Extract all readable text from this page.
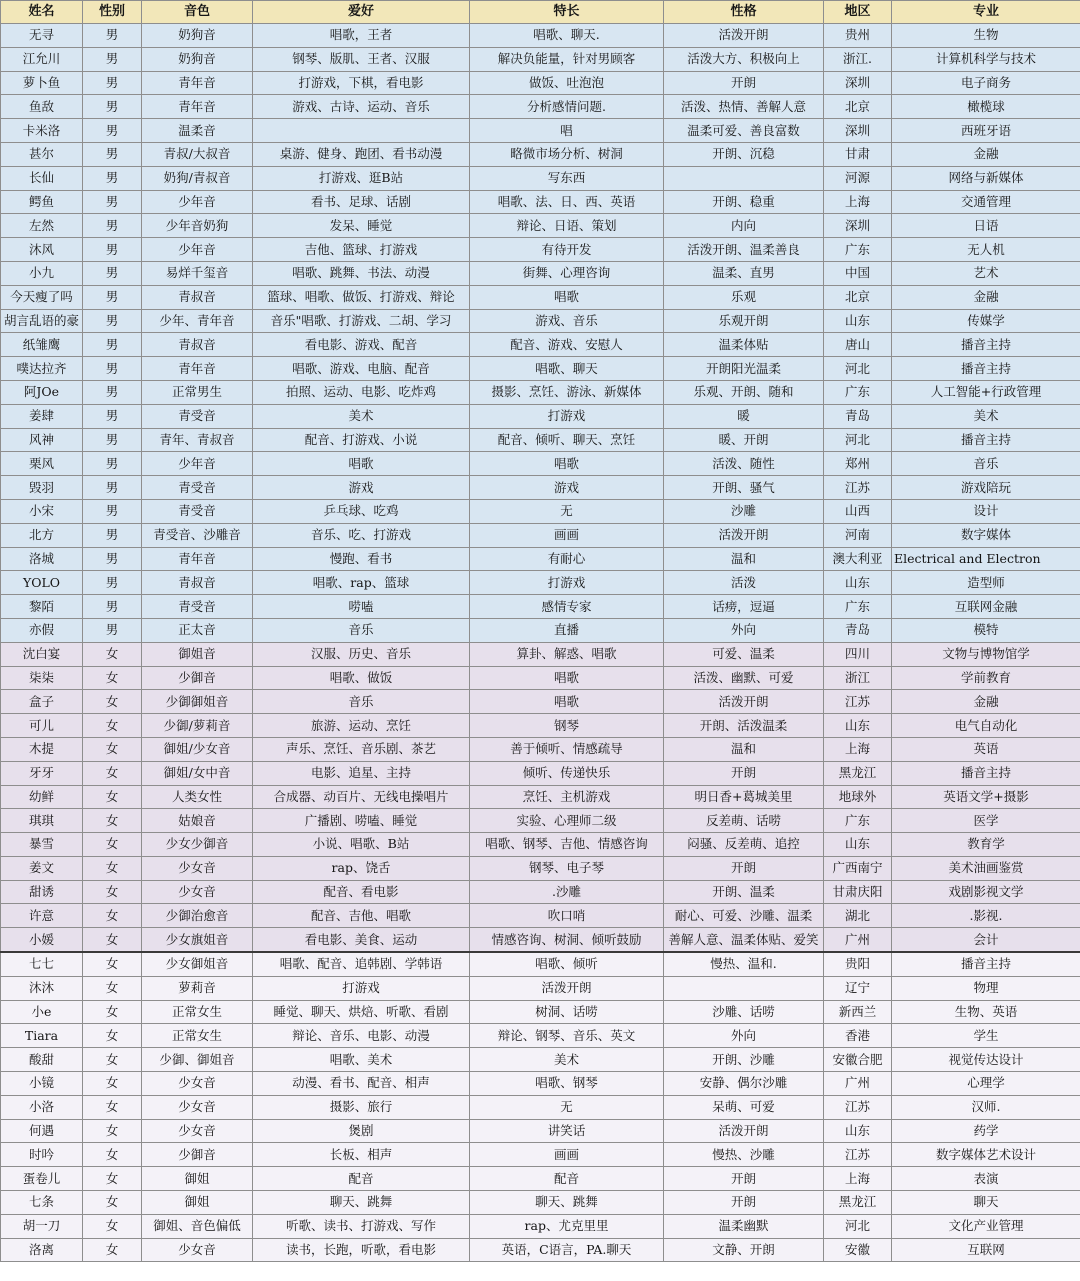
姓名	性别	音色	爱好	特长	性格	地区	专业
无寻	男	奶狗音	唱歌，王者	唱歌、聊天.	活泼开朗	贵州	生物
江允川	男	奶狗音	钢琴、版肌、王者、汉服	解决负能量，针对男顾客	活泼大方、积极向上	浙江.	计算机科学与技术
萝卜鱼	男	青年音	打游戏，下棋，看电影	做饭、吐泡泡	开朗	深圳	电子商务
鱼敌	男	青年音	游戏、古诗、运动、音乐	分析感情问题.	活泼、热情、善解人意	北京	橄榄球
卡米洛	男	温柔音		唱	温柔可爱、善良富数	深圳	西班牙语
甚尔	男	青叔/大叔音	桌游、健身、跑团、看书动漫	略微市场分析、树洞	开朗、沉稳	甘肃	金融
长仙	男	奶狗/青叔音	打游戏、逛B站	写东西		河源	网络与新媒体
鳄鱼	男	少年音	看书、足球、话剧	唱歌、法、日、西、英语	开朗、稳重	上海	交通管理
左然	男	少年音奶狗	发呆、睡觉	辩论、日语、策划	内向	深圳	日语
沐风	男	少年音	吉他、篮球、打游戏	有待开发	活泼开朗、温柔善良	广东	无人机
小九	男	易烊千玺音	唱歌、跳舞、书法、动漫	街舞、心理咨询	温柔、直男	中国	艺术
今天瘦了吗	男	青叔音	篮球、唱歌、做饭、打游戏、辩论	唱歌	乐观	北京	金融
胡言乱语的豪	男	少年、青年音	音乐"唱歌、打游戏、二胡、学习	游戏、音乐	乐观开朗	山东	传媒学
纸雏鹰	男	青叔音	看电影、游戏、配音	配音、游戏、安慰人	温柔体贴	唐山	播音主持
噗达拉齐	男	青年音	唱歌、游戏、电脑、配音	唱歌、聊天	开朗阳光温柔	河北	播音主持
阿JOe	男	正常男生	拍照、运动、电影、吃炸鸡	摄影、烹饪、游泳、新媒体	乐观、开朗、随和	广东	人工智能+行政管理
姜肆	男	青受音	美术	打游戏	暖	青岛	美术
风神	男	青年、青叔音	配音、打游戏、小说	配音、倾听、聊天、烹饪	暖、开朗	河北	播音主持
栗风	男	少年音	唱歌	唱歌	活泼、随性	郑州	音乐
毁羽	男	青受音	游戏	游戏	开朗、骚气	江苏	游戏陪玩
小宋	男	青受音	乒乓球、吃鸡	无	沙雕	山西	设计
北方	男	青受音、沙雕音	音乐、吃、打游戏	画画	活泼开朗	河南	数字媒体
洛城	男	青年音	慢跑、看书	有耐心	温和	澳大利亚	Electrical and Electron
YOLO	男	青叔音	唱歌、rap、篮球	打游戏	活泼	山东	造型师
黎陌	男	青受音	唠嗑	感情专家	话痨，逗逼	广东	互联网金融
亦假	男	正太音	音乐	直播	外向	青岛	模特
沈白宴	女	御姐音	汉服、历史、音乐	算卦、解惑、唱歌	可爱、温柔	四川	文物与博物馆学
柒柒	女	少御音	唱歌、做饭	唱歌	活泼、幽默、可爱	浙江	学前教育
盒子	女	少御御姐音	音乐	唱歌	活泼开朗	江苏	金融
可儿	女	少御/萝莉音	旅游、运动、烹饪	钢琴	开朗、活泼温柔	山东	电气自动化
木提	女	御姐/少女音	声乐、烹饪、音乐剧、茶艺	善于倾听、情感疏导	温和	上海	英语
牙牙	女	御姐/女中音	电影、追星、主持	倾听、传递快乐	开朗	黑龙江	播音主持
幼鲜	女	人类女性	合成器、动百片、无线电操唱片	烹饪、主机游戏	明日香+葛城美里	地球外	英语文学+摄影
琪琪	女	姑娘音	广播剧、唠嗑、睡觉	实验、心理师二级	反差萌、话唠	广东	医学
暴雪	女	少女少御音	小说、唱歌、B站	唱歌、钢琴、吉他、情感咨询	闷骚、反差萌、追控	山东	教育学
姜文	女	少女音	rap、饶舌	钢琴、电子琴	开朗	广西南宁	美术油画鉴赏
甜诱	女	少女音	配音、看电影	.沙雕	开朗、温柔	甘肃庆阳	戏剧影视文学
许意	女	少御治愈音	配音、吉他、唱歌	吹口哨	耐心、可爱、沙雕、温柔	湖北	.影视.
小媛	女	少女旗姐音	看电影、美食、运动	情感咨询、树洞、倾听鼓励	善解人意、温柔体贴、爱笑	广州	会计
七七	女	少女御姐音	唱歌、配音、追韩剧、学韩语	唱歌、倾听	慢热、温和.	贵阳	播音主持
沐沐	女	萝莉音	打游戏	活泼开朗		辽宁	物理
小e	女	正常女生	睡觉、聊天、烘焙、听歌、看剧	树洞、话唠	沙雕、话唠	新西兰	生物、英语
Tiara	女	正常女生	辩论、音乐、电影、动漫	辩论、钢琴、音乐、英文	外向	香港	学生
酸甜	女	少御、御姐音	唱歌、美术	美术	开朗、沙雕	安徽合肥	视觉传达设计
小镜	女	少女音	动漫、看书、配音、相声	唱歌、钢琴	安静、偶尔沙雕	广州	心理学
小洛	女	少女音	摄影、旅行	无	呆萌、可爱	江苏	汉师.
何遇	女	少女音	煲剧	讲笑话	活泼开朗	山东	药学
时吟	女	少御音	长板、相声	画画	慢热、沙雕	江苏	数字媒体艺术设计
蛋卷儿	女	御姐	配音	配音	开朗	上海	表演
七条	女	御姐	聊天、跳舞	聊天、跳舞	开朗	黑龙江	聊天
胡一刀	女	御姐、音色偏低	听歌、读书、打游戏、写作	rap、尤克里里	温柔幽默	河北	文化产业管理
洛离	女	少女音	读书，长跑，听歌，看电影	英语，C语言，PA.聊天	文静、开朗	安徽	互联网
